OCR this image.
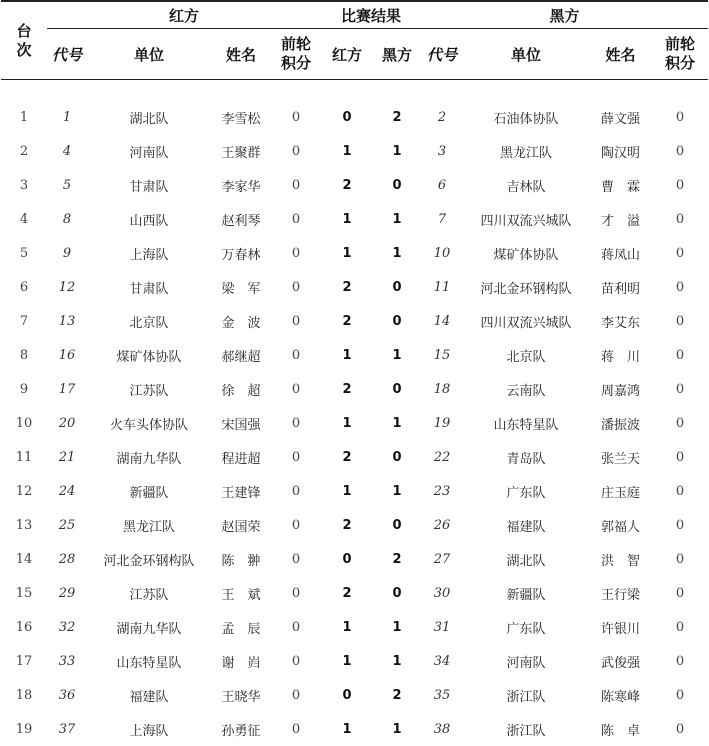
台次	红方				比赛结果		黑方			
	代号	单位	姓名	前轮积分	红方	黑方	代号	单位	姓名	前轮积分

1	1	湖北队	李雪松	0	0	2	2	石油体协队	薛文强	0
2	4	河南队	王聚群	0	1	1	3	黑龙江队	陶汉明	0
3	5	甘肃队	李家华	0	2	0	6	吉林队	曹　霖	0
4	8	山西队	赵利琴	0	1	1	7	四川双流兴城队	才　溢	0
5	9	上海队	万春林	0	1	1	10	煤矿体协队	蒋凤山	0
6	12	甘肃队	梁　军	0	2	0	11	河北金环钢构队	苗利明	0
7	13	北京队	金　波	0	2	0	14	四川双流兴城队	李艾东	0
8	16	煤矿体协队	郝继超	0	1	1	15	北京队	蒋　川	0
9	17	江苏队	徐　超	0	2	0	18	云南队	周嘉鸿	0
10	20	火车头体协队	宋国强	0	1	1	19	山东特星队	潘振波	0
11	21	湖南九华队	程进超	0	2	0	22	青岛队	张兰天	0
12	24	新疆队	王建锋	0	1	1	23	广东队	庄玉庭	0
13	25	黑龙江队	赵国荣	0	2	0	26	福建队	郭福人	0
14	28	河北金环钢构队	陈　翀	0	0	2	27	湖北队	洪　智	0
15	29	江苏队	王　斌	0	2	0	30	新疆队	王行梁	0
16	32	湖南九华队	孟　辰	0	1	1	31	广东队	许银川	0
17	33	山东特星队	谢　岿	0	1	1	34	河南队	武俊强	0
18	36	福建队	王晓华	0	0	2	35	浙江队	陈寒峰	0
19	37	上海队	孙勇征	0	1	1	38	浙江队	陈　卓	0
